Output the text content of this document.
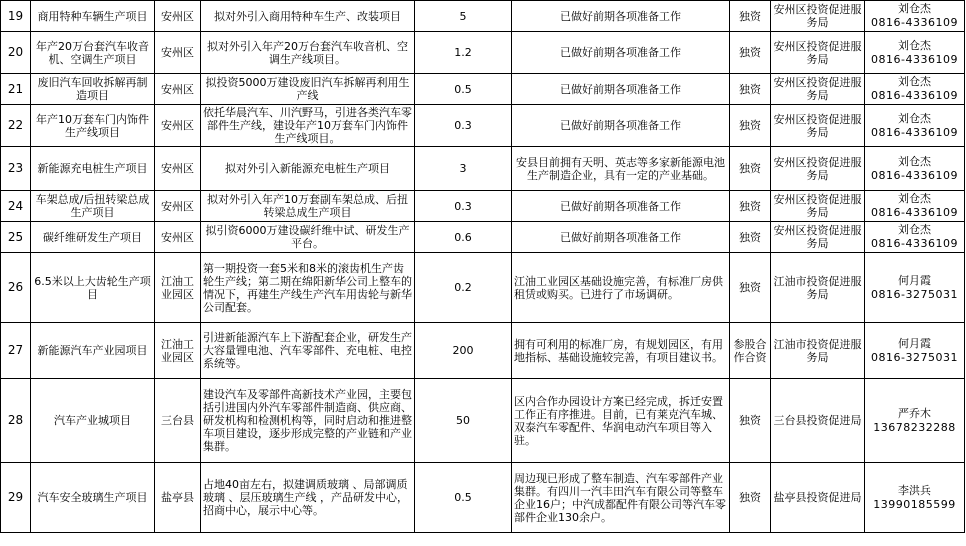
19	商用特种车辆生产项目	安州区	拟对外引入商用特种车生产、改装项目	5	已做好前期各项准备工作	独资	安州区投资促进服务局	刘仓杰
0816-4336109

20	年产20万台套汽车收音机、空调生产项目	安州区	拟对外引入年产20万台套汽车收音机、空调生产线项目。	1.2	已做好前期各项准备工作	独资	安州区投资促进服务局	刘仓杰
0816-4336109

21	废旧汽车回收拆解再制造项目	安州区	拟投资5000万建设废旧汽车拆解再利用生产线	0.5	已做好前期各项准备工作	独资	安州区投资促进服务局	刘仓杰
0816-4336109

22	年产10万套车门内饰件生产线项目	安州区	依托华晨汽车、川汽野马，引进各类汽车零部件生产线，建设年产10万套车门内饰件生产线项目。	0.3	已做好前期各项准备工作	独资	安州区投资促进服务局	刘仓杰
0816-4336109

23	新能源充电桩生产项目	安州区	拟对外引入新能源充电桩生产项目	3	安县目前拥有天明、英志等多家新能源电池生产制造企业，具有一定的产业基础。	独资	安州区投资促进服务局	刘仓杰
0816-4336109

24	车架总成/后扭转梁总成生产项目	安州区	拟对外引入年产10万套副车架总成、后扭转梁总成生产项目	0.3	已做好前期各项准备工作	独资	安州区投资促进服务局	刘仓杰
0816-4336109

25	碳纤维研发生产项目	安州区	拟引资6000万建设碳纤维中试、研发生产平台。	0.6	已做好前期各项准备工作	独资	安州区投资促进服务局	刘仓杰
0816-4336109

26	6.5米以上大齿轮生产项目	江油工业园区	第一期投资一套5米和8米的滚齿机生产齿轮生产线；第二期在绵阳新华公司上整车的情况下，再建生产线生产汽车用齿轮与新华公司配套。	0.2	江油工业园区基础设施完善，有标准厂房供租赁或购买。已进行了市场调研。	独资	江油市投资促进服务局	何月霞
0816-3275031

27	新能源汽车产业园项目	江油工业园区	引进新能源汽车上下游配套企业，研发生产大容量锂电池、汽车零部件、充电桩、电控系统等。	200	拥有可利用的标准厂房，有规划园区，有用地指标、基础设施较完善，有项目建议书。	参股合作合资	江油市投资促进服务局	何月霞
0816-3275031

28	汽车产业城项目	三台县	建设汽车及零部件高新技术产业园，主要包括引进国内外汽车零部件制造商、供应商、研发机构和检测机构等，同时启动和推进整车项目建设，逐步形成完整的产业链和产业集群。	50	区内合作办园设计方案已经完成，拆迁安置工作正有序推进。目前，已有莱克汽车城、双泰汽车零配件、华润电动汽车项目等入驻。	独资	三台县投资促进局	严乔木
13678232288

29	汽车安全玻璃生产项目	盐亭县	占地40亩左右，拟建调质玻璃 、局部调质玻璃 、层压玻璃生产线 ，产品研发中心，招商中心，展示中心等。	0.5	周边现已形成了整车制造、汽车零部件产业集群。有四川一汽丰田汽车有限公司等整车企业16户；中汽成都配件有限公司等汽车零部件企业130余户。	独资	盐亭县投资促进局	李洪兵
13990185599
